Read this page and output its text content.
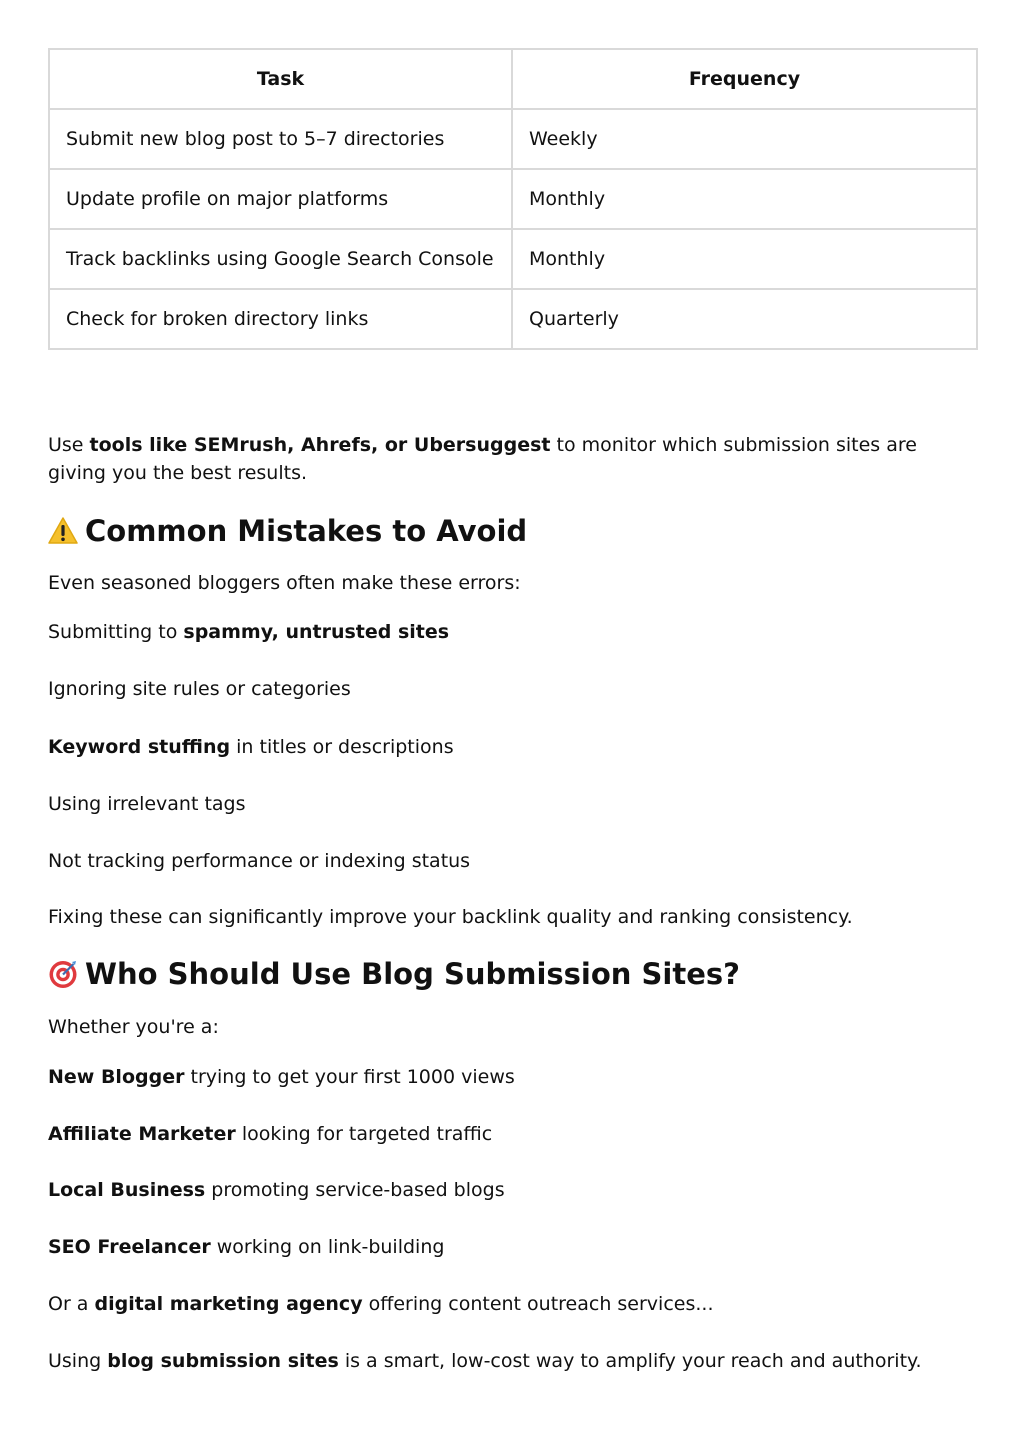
Task	Frequency
Submit new blog post to 5–7 directories	Weekly
Update profile on major platforms	Monthly
Track backlinks using Google Search Console	Monthly
Check for broken directory links	Quarterly

Use tools like SEMrush, Ahrefs, or Ubersuggest to monitor which submission sites are giving you the best results.

Common Mistakes to Avoid

Even seasoned bloggers often make these errors:

Submitting to spammy, untrusted sites

Ignoring site rules or categories

Keyword stuffing in titles or descriptions

Using irrelevant tags

Not tracking performance or indexing status

Fixing these can significantly improve your backlink quality and ranking consistency.

Who Should Use Blog Submission Sites?

Whether you're a:

New Blogger trying to get your first 1000 views

Affiliate Marketer looking for targeted traffic

Local Business promoting service-based blogs

SEO Freelancer working on link-building

Or a digital marketing agency offering content outreach services...

Using blog submission sites is a smart, low-cost way to amplify your reach and authority.
